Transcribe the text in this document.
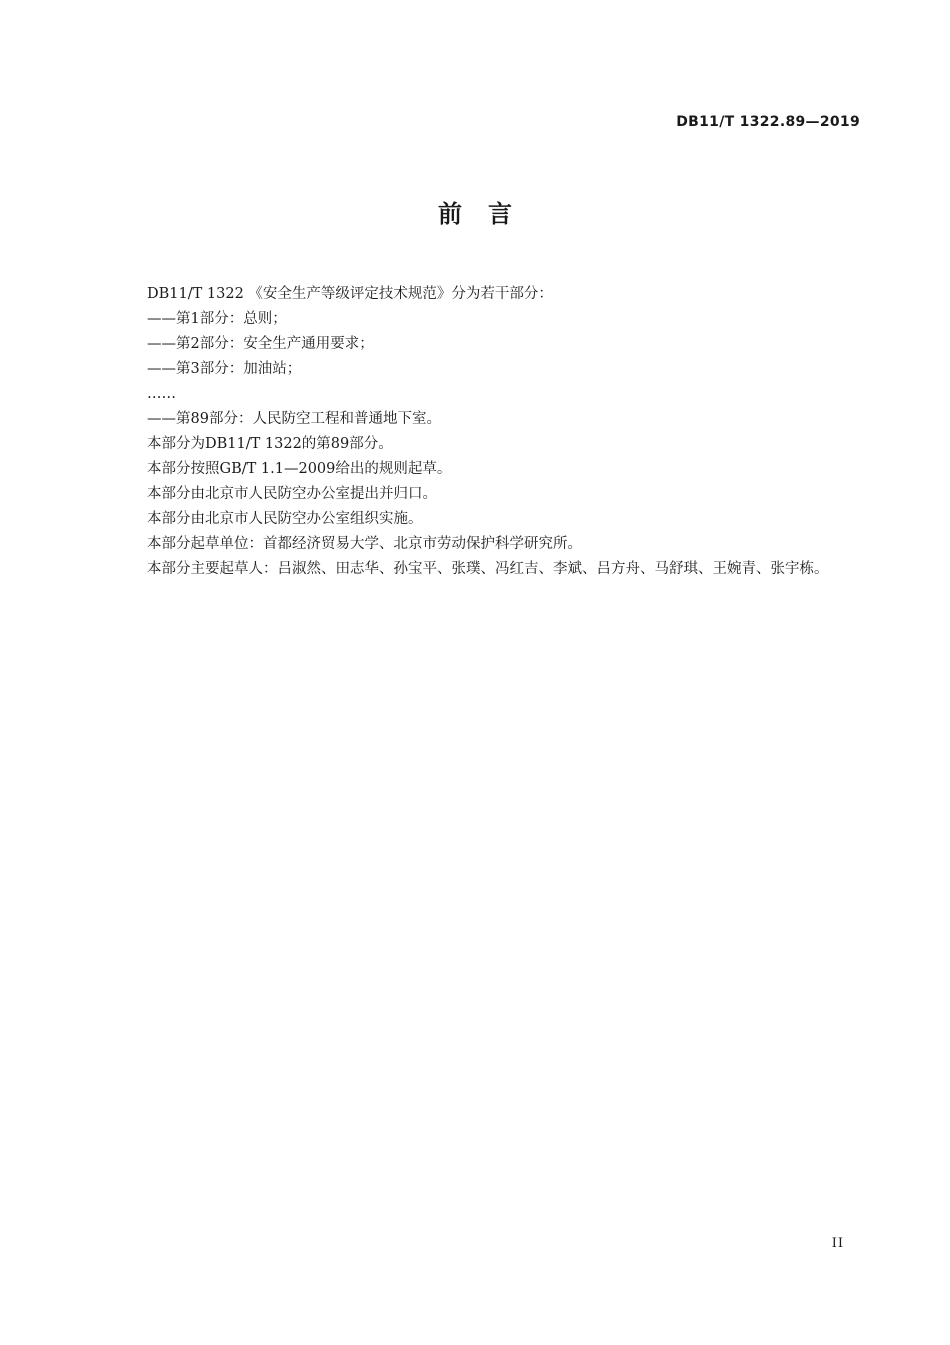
DB11/T 1322.89—2019
前言

DB11/T 1322 《安全生产等级评定技术规范》分为若干部分：

——第1部分：总则；

——第2部分：安全生产通用要求；

——第3部分：加油站；

……

——第89部分：人民防空工程和普通地下室。

本部分为DB11/T 1322的第89部分。

本部分按照GB/T 1.1—2009给出的规则起草。

本部分由北京市人民防空办公室提出并归口。

本部分由北京市人民防空办公室组织实施。

本部分起草单位：首都经济贸易大学、北京市劳动保护科学研究所。

本部分主要起草人：吕淑然、田志华、孙宝平、张璞、冯红吉、李斌、吕方舟、马舒琪、王婉青、张宇栋。

II
